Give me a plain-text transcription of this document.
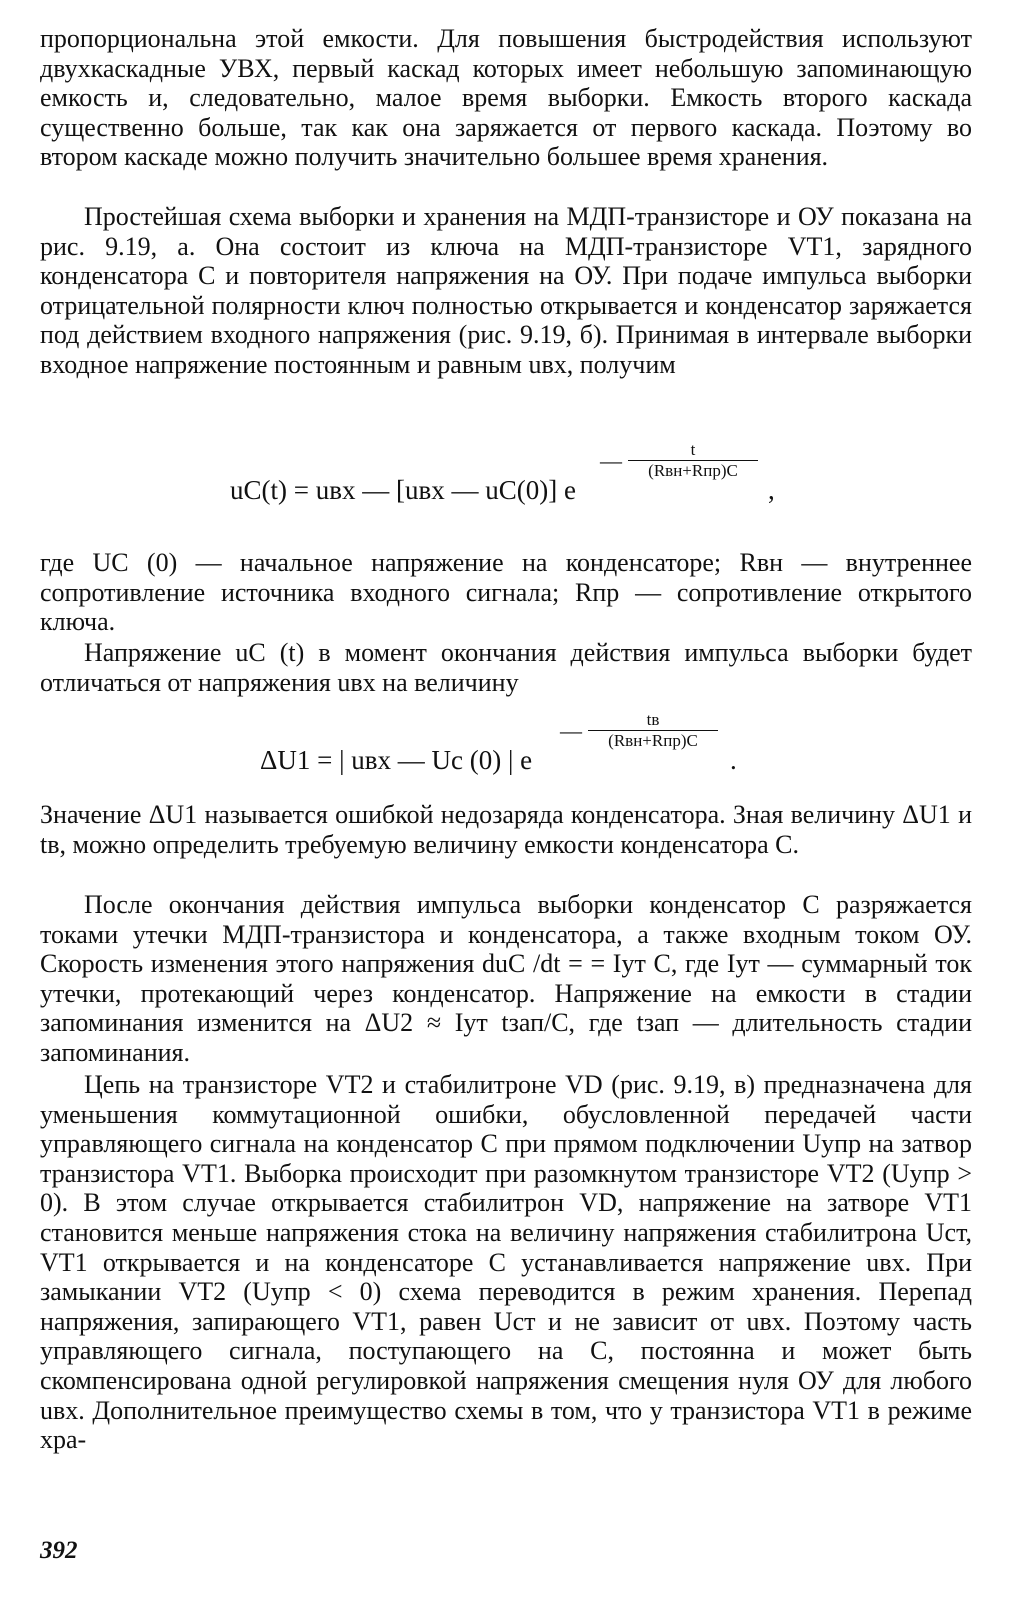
пропорциональна этой емкости. Для повышения быстродействия используют двухкаскадные УВХ, первый каскад которых имеет небольшую запоминающую емкость и, следовательно, малое время выборки. Емкость второго каскада существенно больше, так как она заряжается от первого каскада. Поэтому во втором каскаде можно получить значительно большее время хранения.

Простейшая схема выборки и хранения на МДП-транзисторе и ОУ показана на рис. 9.19, а. Она состоит из ключа на МДП-транзисторе VT1, зарядного конденсатора С и повторителя напряжения на ОУ. При подаче импульса выборки отрицательной полярности ключ полностью открывается и конденсатор заряжается под действием входного напряжения (рис. 9.19, б). Принимая в интервале выборки входное напряжение постоянным и равным uвх, получим

uC(t) = uвх — [uвх — uC(0)] e
—	t
(Rвн+Rпр)C
,

где UC (0) — начальное напряжение на конденсаторе; Rвн — внутреннее сопротивление источника входного сигнала; Rпр — сопротивление открытого ключа.

Напряжение uC (t) в момент окончания действия импульса выборки будет отличаться от напряжения uвх на величину

ΔU1 = | uвх — Uc (0) | e
—	tв
(Rвн+Rпр)C
.

Значение ΔU1 называется ошибкой недозаряда конденсатора. Зная величину ΔU1 и tв, можно определить требуемую величину емкости конденсатора С.

После окончания действия импульса выборки конденсатор С разряжается токами утечки МДП-транзистора и конденсатора, а также входным током ОУ. Скорость изменения этого напряжения duC /dt = = Iут С, где Iут — суммарный ток утечки, протекающий через конденсатор. Напряжение на емкости в стадии запоминания изменится на ΔU2 ≈ Iут tзап/С, где tзап — длительность стадии запоминания.

Цепь на транзисторе VT2 и стабилитроне VD (рис. 9.19, в) предназначена для уменьшения коммутационной ошибки, обусловленной передачей части управляющего сигнала на конденсатор С при прямом подключении Uупр на затвор транзистора VT1. Выборка происходит при разомкнутом транзисторе VT2 (Uупр > 0). В этом случае открывается стабилитрон VD, напряжение на затворе VT1 становится меньше напряжения стока на величину напряжения стабилитрона Uст, VT1 открывается и на конденсаторе С устанавливается напряжение uвх. При замыкании VT2 (Uупр < 0) схема переводится в режим хранения. Перепад напряжения, запирающего VT1, равен Uст и не зависит от uвх. Поэтому часть управляющего сигнала, поступающего на С, постоянна и может быть скомпенсирована одной регулировкой напряжения смещения нуля ОУ для любого uвх. Дополнительное преимущество схемы в том, что у транзистора VT1 в режиме хра-

392
